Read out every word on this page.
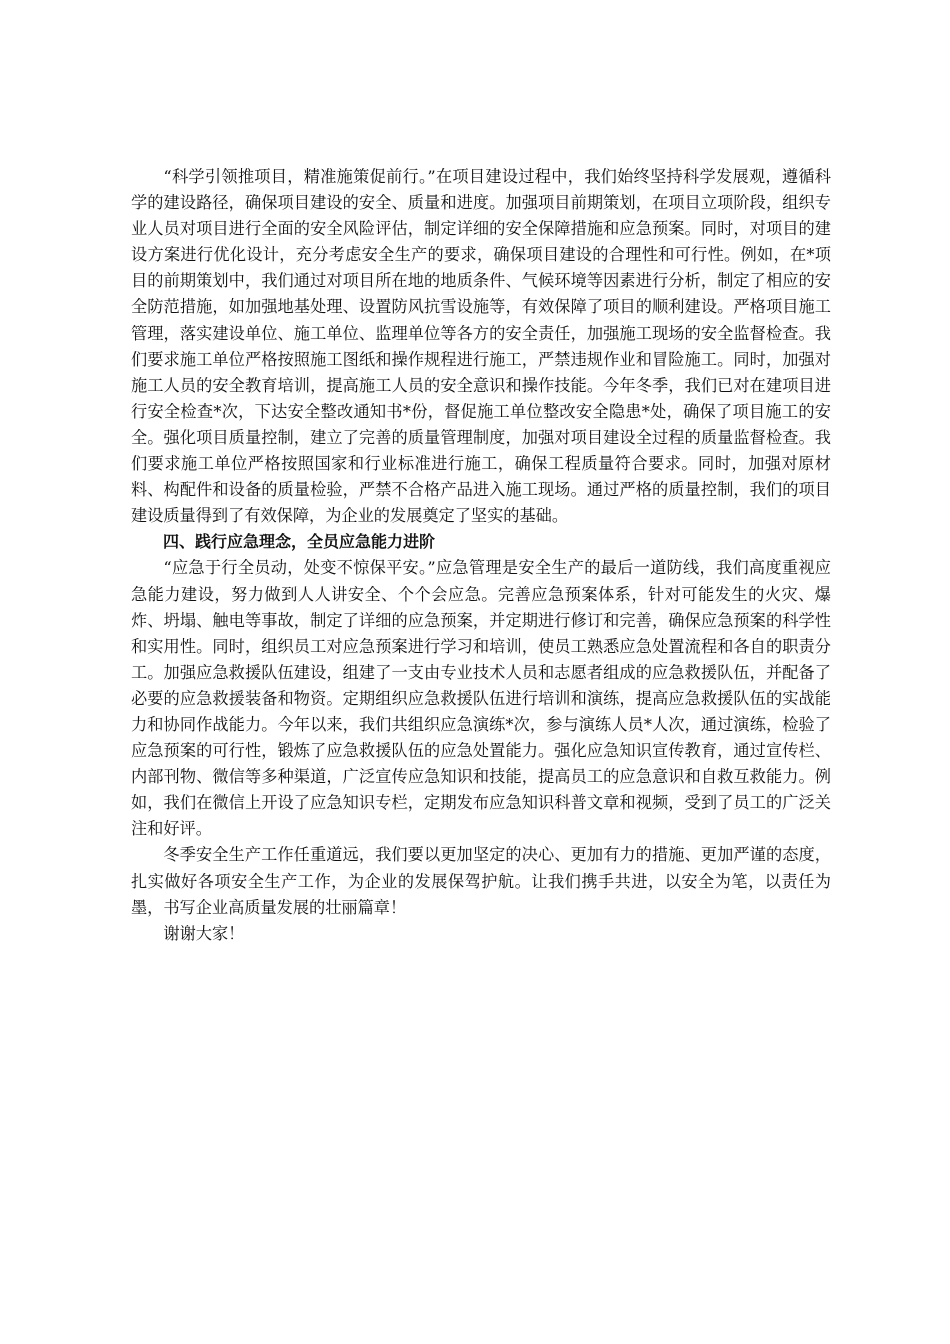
“科学引领推项目，精准施策促前行。”在项目建设过程中，我们始终坚持科学发展观，遵循科学的建设路径，确保项目建设的安全、质量和进度。加强项目前期策划，在项目立项阶段，组织专业人员对项目进行全面的安全风险评估，制定详细的安全保障措施和应急预案。同时，对项目的建设方案进行优化设计，充分考虑安全生产的要求，确保项目建设的合理性和可行性。例如，在*项目的前期策划中，我们通过对项目所在地的地质条件、气候环境等因素进行分析，制定了相应的安全防范措施，如加强地基处理、设置防风抗雪设施等，有效保障了项目的顺利建设。严格项目施工管理，落实建设单位、施工单位、监理单位等各方的安全责任，加强施工现场的安全监督检查。我们要求施工单位严格按照施工图纸和操作规程进行施工，严禁违规作业和冒险施工。同时，加强对施工人员的安全教育培训，提高施工人员的安全意识和操作技能。今年冬季，我们已对在建项目进行安全检查*次，下达安全整改通知书*份，督促施工单位整改安全隐患*处，确保了项目施工的安全。强化项目质量控制，建立了完善的质量管理制度，加强对项目建设全过程的质量监督检查。我们要求施工单位严格按照国家和行业标准进行施工，确保工程质量符合要求。同时，加强对原材料、构配件和设备的质量检验，严禁不合格产品进入施工现场。通过严格的质量控制，我们的项目建设质量得到了有效保障，为企业的发展奠定了坚实的基础。

四、践行应急理念，全员应急能力进阶

“应急于行全员动，处变不惊保平安。”应急管理是安全生产的最后一道防线，我们高度重视应急能力建设，努力做到人人讲安全、个个会应急。完善应急预案体系，针对可能发生的火灾、爆炸、坍塌、触电等事故，制定了详细的应急预案，并定期进行修订和完善，确保应急预案的科学性和实用性。同时，组织员工对应急预案进行学习和培训，使员工熟悉应急处置流程和各自的职责分工。加强应急救援队伍建设，组建了一支由专业技术人员和志愿者组成的应急救援队伍，并配备了必要的应急救援装备和物资。定期组织应急救援队伍进行培训和演练，提高应急救援队伍的实战能力和协同作战能力。今年以来，我们共组织应急演练*次，参与演练人员*人次，通过演练，检验了应急预案的可行性，锻炼了应急救援队伍的应急处置能力。强化应急知识宣传教育，通过宣传栏、内部刊物、微信等多种渠道，广泛宣传应急知识和技能，提高员工的应急意识和自救互救能力。例如，我们在微信上开设了应急知识专栏，定期发布应急知识科普文章和视频，受到了员工的广泛关注和好评。

冬季安全生产工作任重道远，我们要以更加坚定的决心、更加有力的措施、更加严谨的态度，扎实做好各项安全生产工作，为企业的发展保驾护航。让我们携手共进，以安全为笔，以责任为墨，书写企业高质量发展的壮丽篇章！

谢谢大家！
